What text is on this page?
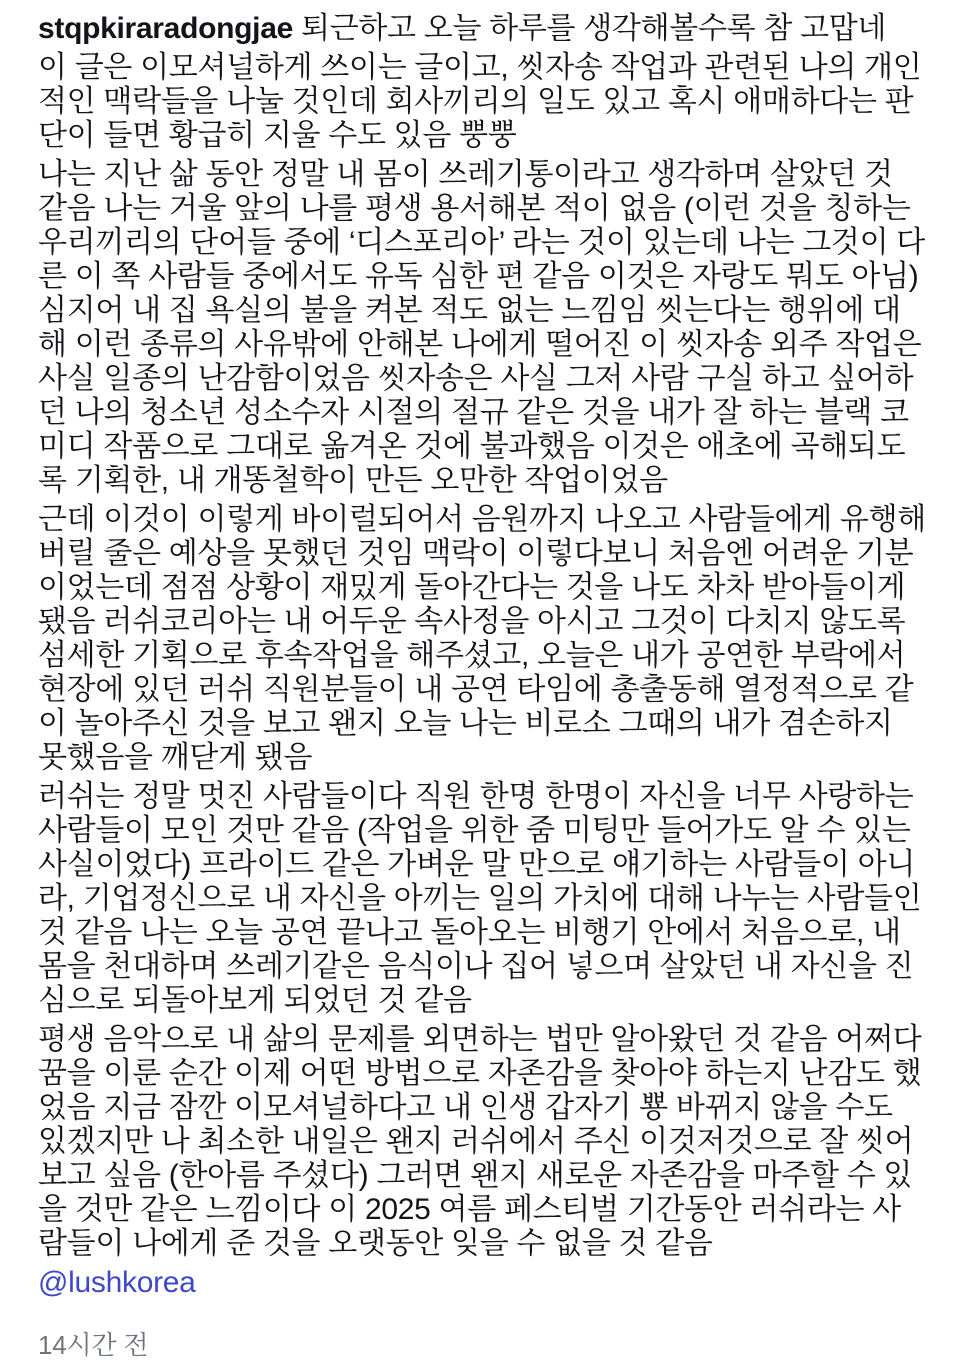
stqpkiraradongjae 퇴근하고 오늘 하루를 생각해볼수록 참 고맙네

이 글은 이모셔널하게 쓰이는 글이고, 씻자송 작업과 관련된 나의 개인적인 맥락들을 나눌 것인데 회사끼리의 일도 있고 혹시 애매하다는 판단이 들면 황급히 지울 수도 있음 뿡뿡

나는 지난 삶 동안 정말 내 몸이 쓰레기통이라고 생각하며 살았던 것 같음 나는 거울 앞의 나를 평생 용서해본 적이 없음 (이런 것을 칭하는 우리끼리의 단어들 중에 ‘디스포리아’ 라는 것이 있는데 나는 그것이 다른 이 쪽 사람들 중에서도 유독 심한 편 같음 이것은 자랑도 뭐도 아님) 심지어 내 집 욕실의 불을 켜본 적도 없는 느낌임 씻는다는 행위에 대해 이런 종류의 사유밖에 안해본 나에게 떨어진 이 씻자송 외주 작업은 사실 일종의 난감함이었음 씻자송은 사실 그저 사람 구실 하고 싶어하던 나의 청소년 성소수자 시절의 절규 같은 것을 내가 잘 하는 블랙 코미디 작품으로 그대로 옮겨온 것에 불과했음 이것은 애초에 곡해되도록 기획한, 내 개똥철학이 만든 오만한 작업이었음

근데 이것이 이렇게 바이럴되어서 음원까지 나오고 사람들에게 유행해버릴 줄은 예상을 못했던 것임 맥락이 이렇다보니 처음엔 어려운 기분이었는데 점점 상황이 재밌게 돌아간다는 것을 나도 차차 받아들이게 됐음 러쉬코리아는 내 어두운 속사정을 아시고 그것이 다치지 않도록 섬세한 기획으로 후속작업을 해주셨고, 오늘은 내가 공연한 부락에서 현장에 있던 러쉬 직원분들이 내 공연 타임에 총출동해 열정적으로 같이 놀아주신 것을 보고 왠지 오늘 나는 비로소 그때의 내가 겸손하지 못했음을 깨닫게 됐음

러쉬는 정말 멋진 사람들이다 직원 한명 한명이 자신을 너무 사랑하는 사람들이 모인 것만 같음 (작업을 위한 줌 미팅만 들어가도 알 수 있는 사실이었다) 프라이드 같은 가벼운 말 만으로 얘기하는 사람들이 아니라, 기업정신으로 내 자신을 아끼는 일의 가치에 대해 나누는 사람들인 것 같음 나는 오늘 공연 끝나고 돌아오는 비행기 안에서 처음으로, 내 몸을 천대하며 쓰레기같은 음식이나 집어 넣으며 살았던 내 자신을 진심으로 되돌아보게 되었던 것 같음

평생 음악으로 내 삶의 문제를 외면하는 법만 알아왔던 것 같음 어쩌다 꿈을 이룬 순간 이제 어떤 방법으로 자존감을 찾아야 하는지 난감도 했었음 지금 잠깐 이모셔널하다고 내 인생 갑자기 뿅 바뀌지 않을 수도 있겠지만 나 최소한 내일은 왠지 러쉬에서 주신 이것저것으로 잘 씻어보고 싶음 (한아름 주셨다) 그러면 왠지 새로운 자존감을 마주할 수 있을 것만 같은 느낌이다 이 2025 여름 페스티벌 기간동안 러쉬라는 사람들이 나에게 준 것을 오랫동안 잊을 수 없을 것 같음

@lushkorea

14시간 전
